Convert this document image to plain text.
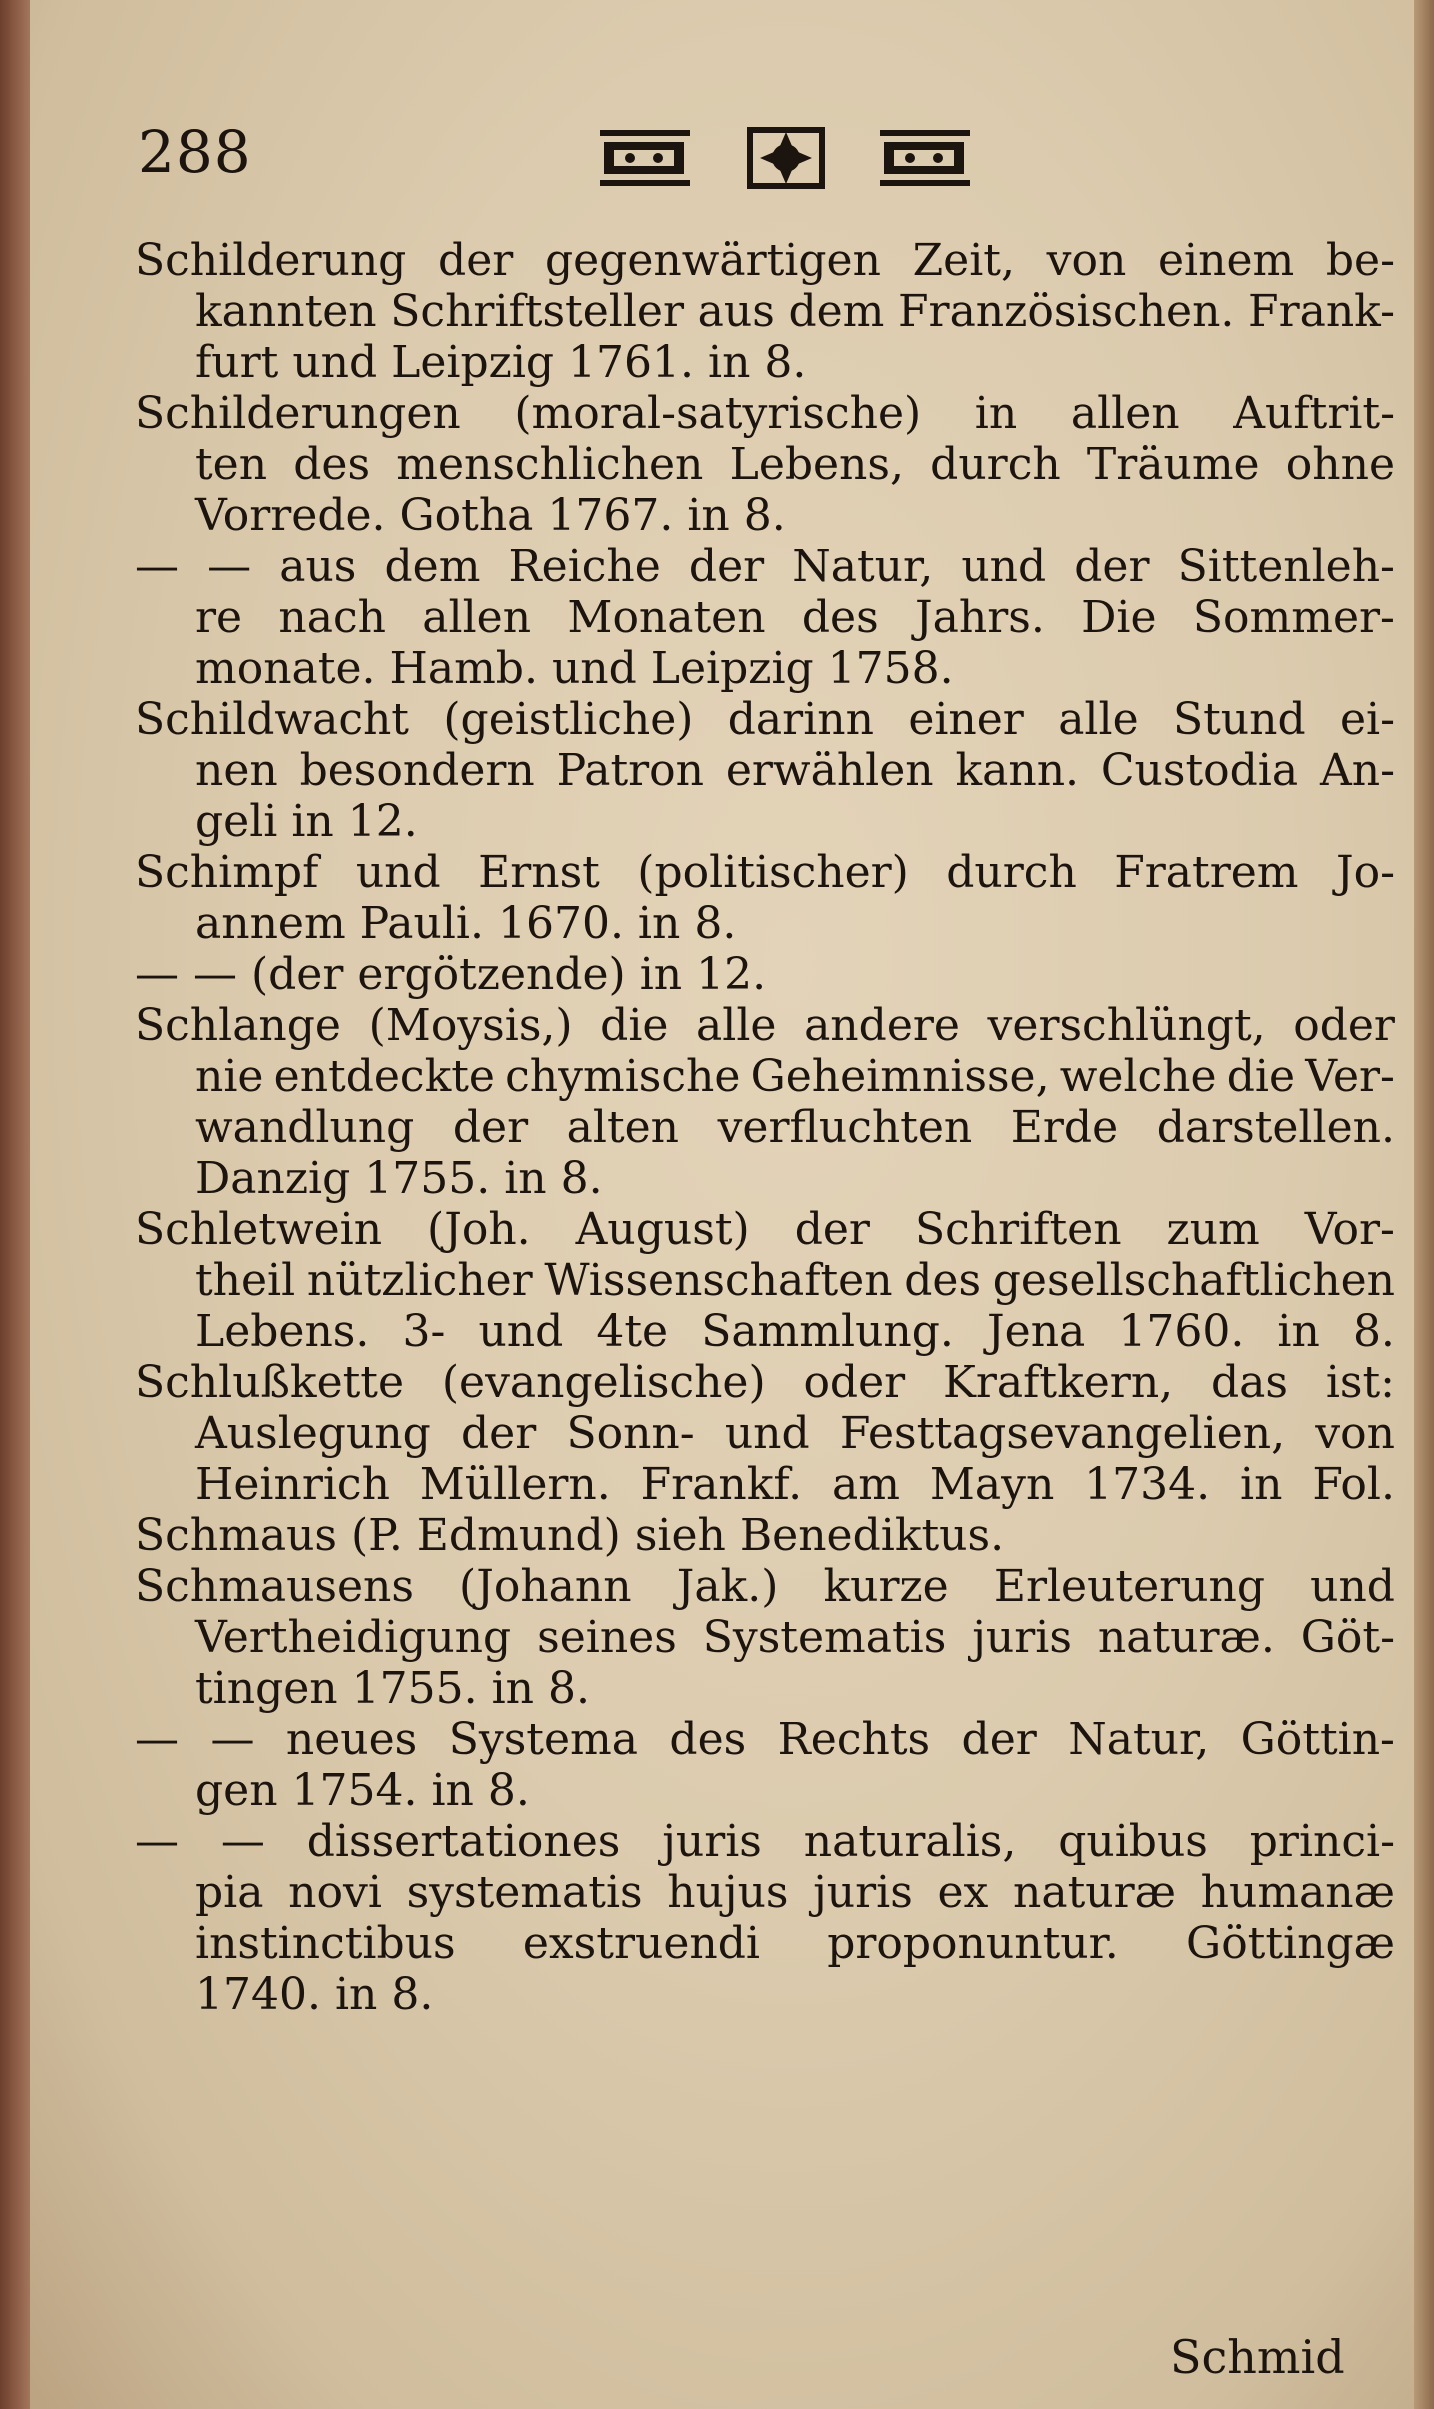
288
Schilderung der gegenwärtigen Zeit, von einem be-
kannten Schriftsteller aus dem Französischen. Frank-
furt und Leipzig 1761. in 8.
Schilderungen (moral-satyrische) in allen Auftrit-
ten des menschlichen Lebens, durch Träume ohne
Vorrede. Gotha 1767. in 8.
— — aus dem Reiche der Natur, und der Sittenleh-
re nach allen Monaten des Jahrs. Die Sommer-
monate. Hamb. und Leipzig 1758.
Schildwacht (geistliche) darinn einer alle Stund ei-
nen besondern Patron erwählen kann. Custodia An-
geli in 12.
Schimpf und Ernst (politischer) durch Fratrem Jo-
annem Pauli. 1670. in 8.
— — (der ergötzende) in 12.
Schlange (Moysis,) die alle andere verschlüngt, oder
nie entdeckte chymische Geheimnisse, welche die Ver-
wandlung der alten verfluchten Erde darstellen.
Danzig 1755. in 8.
Schletwein (Joh. August) der Schriften zum Vor-
theil nützlicher Wissenschaften des gesellschaftlichen
Lebens. 3- und 4te Sammlung. Jena 1760. in 8.
Schlußkette (evangelische) oder Kraftkern, das ist:
Auslegung der Sonn- und Festtagsevangelien, von
Heinrich Müllern. Frankf. am Mayn 1734. in Fol.
Schmaus (P. Edmund) sieh Benediktus.
Schmausens (Johann Jak.) kurze Erleuterung und
Vertheidigung seines Systematis juris naturæ. Göt-
tingen 1755. in 8.
— — neues Systema des Rechts der Natur, Göttin-
gen 1754. in 8.
— — dissertationes juris naturalis, quibus princi-
pia novi systematis hujus juris ex naturæ humanæ
instinctibus exstruendi proponuntur. Göttingæ
1740. in 8.
Schmid
